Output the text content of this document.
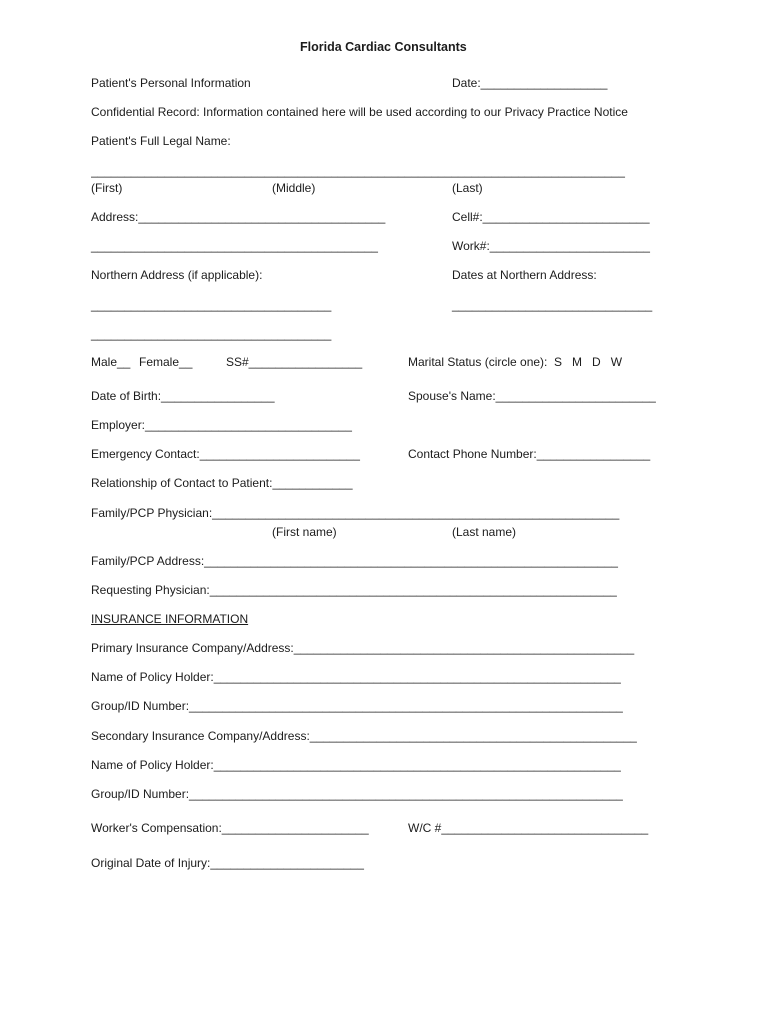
Florida Cardiac Consultants
Patient's Personal Information	Date:___________________
Confidential Record: Information contained here will be used according to our Privacy Practice Notice
Patient's Full Legal Name:
________________________________________________________________________________
(First)	(Middle)	(Last)
Address:_____________________________________	Cell#:_________________________
___________________________________________	Work#:________________________
Northern Address (if applicable):	Dates at Northern Address:
____________________________________	______________________________
____________________________________
Male__ Female__	SS#_________________	Marital Status (circle one):  S   M   D   W
Date of Birth:_________________	Spouse's Name:________________________
Employer:_______________________________
Emergency Contact:________________________	Contact Phone Number:_________________
Relationship of Contact to Patient:____________
Family/PCP Physician:_____________________________________________________________
(First name)	(Last name)
Family/PCP Address:______________________________________________________________
Requesting Physician:_____________________________________________________________
INSURANCE INFORMATION
Primary Insurance Company/Address:___________________________________________________
Name of Policy Holder:_____________________________________________________________
Group/ID Number:_________________________________________________________________
Secondary Insurance Company/Address:_________________________________________________
Name of Policy Holder:_____________________________________________________________
Group/ID Number:_________________________________________________________________
Worker's Compensation:______________________	W/C #_______________________________
Original Date of Injury:_______________________
